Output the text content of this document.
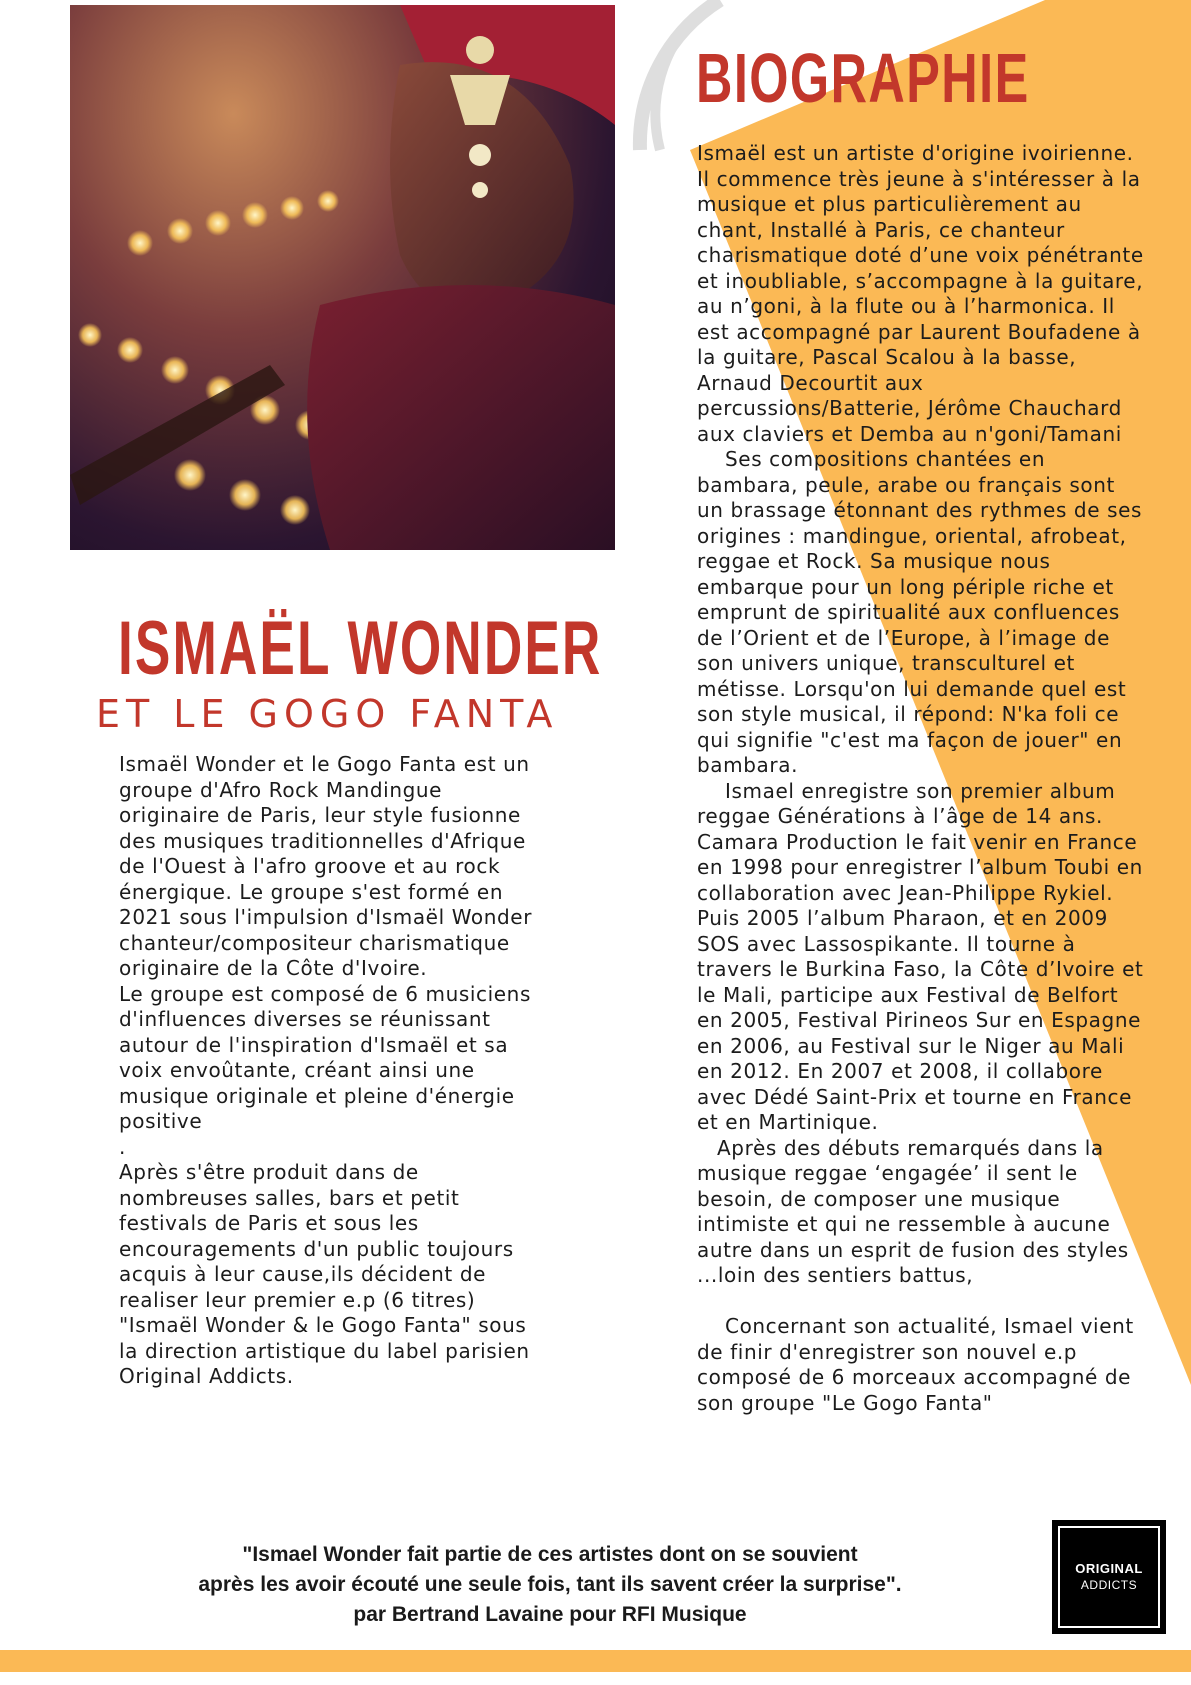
BIOGRAPHIE

Ismaël est un artiste d'origine ivoirienne. Il commence très jeune à s'intéresser à la musique et plus particulièrement au chant, Installé à Paris, ce chanteur charismatique doté d’une voix pénétrante et inoubliable, s’accompagne à la guitare, au n’goni, à la flute ou à l’harmonica. Il est accompagné par Laurent Boufadene à la guitare, Pascal Scalou à la basse, Arnaud Decourtit aux percussions/Batterie, Jérôme Chauchard aux claviers et Demba au n'goni/Tamani

Ses compositions chantées en bambara, peule, arabe ou français sont un brassage étonnant des rythmes de ses origines : mandingue, oriental, afrobeat, reggae et Rock. Sa musique nous embarque pour un long périple riche et emprunt de spiritualité aux confluences de l’Orient et de l’Europe, à l’image de son univers unique, transculturel et métisse. Lorsqu'on lui demande quel est son style musical, il répond: N'ka foli ce qui signifie "c'est ma façon de jouer" en bambara.

Ismael enregistre son premier album reggae Générations à l’âge de 14 ans. Camara Production le fait venir en France en 1998 pour enregistrer l’album Toubi en collaboration avec Jean-Philippe Rykiel. Puis 2005 l’album Pharaon, et en 2009 SOS avec Lassospikante. Il tourne à travers le Burkina Faso, la Côte d’Ivoire et le Mali, participe aux Festival de Belfort en 2005, Festival Pirineos Sur en Espagne en 2006, au Festival sur le Niger au Mali en 2012. En 2007 et 2008, il collabore avec Dédé Saint-Prix et tourne en France et en Martinique.

Après des débuts remarqués dans la musique reggae ‘engagée’ il sent le besoin, de composer une musique intimiste et qui ne ressemble à aucune autre dans un esprit de fusion des styles ...loin des sentiers battus,

Concernant son actualité, Ismael vient de finir d'enregistrer son nouvel e.p composé de 6 morceaux accompagné de son groupe "Le Gogo Fanta"

ISMAËL WONDER
ET LE GOGO FANTA

Ismaël Wonder et le Gogo Fanta est un groupe d'Afro Rock Mandingue originaire de Paris, leur style fusionne des musiques traditionnelles d'Afrique de l'Ouest à l'afro groove et au rock énergique. Le groupe s'est formé en 2021 sous l'impulsion d'Ismaël Wonder chanteur/compositeur charismatique originaire de la Côte d'Ivoire.

Le groupe est composé de 6 musiciens d'influences diverses se réunissant autour de l'inspiration d'Ismaël et sa voix envoûtante, créant ainsi une musique originale et pleine d'énergie positive

.

Après s'être produit dans de nombreuses salles, bars et petit festivals de Paris et sous les encouragements d'un public toujours acquis à leur cause,ils décident de realiser leur premier e.p (6 titres) "Ismaël Wonder & le Gogo Fanta" sous la direction artistique du label parisien Original Addicts.

"Ismael Wonder fait partie de ces artistes dont on se souvient
après les avoir écouté une seule fois, tant ils savent créer la surprise".
par Bertrand Lavaine pour RFI Musique
ORIGINAL
ADDICTS
